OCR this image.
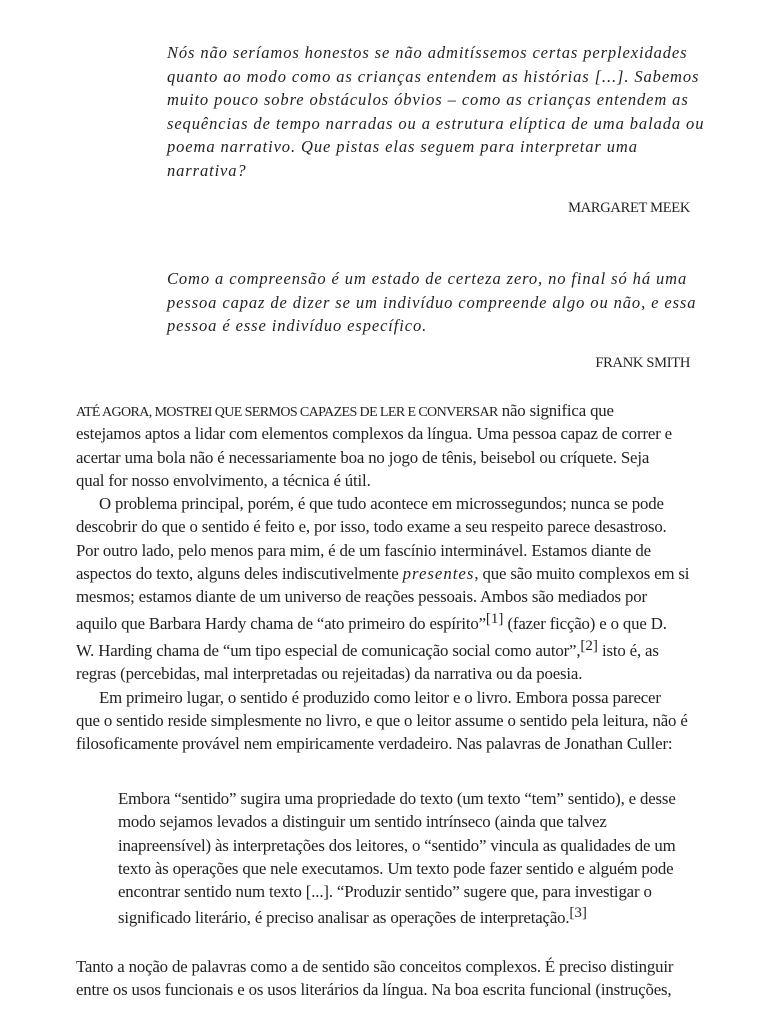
Nós não seríamos honestos se não admitíssemos certas perplexidades
quanto ao modo como as crianças entendem as histórias [...]. Sabemos
muito pouco sobre obstáculos óbvios – como as crianças entendem as
sequências de tempo narradas ou a estrutura elíptica de uma balada ou
poema narrativo. Que pistas elas seguem para interpretar uma
narrativa?
MARGARET MEEK
Como a compreensão é um estado de certeza zero, no final só há uma
pessoa capaz de dizer se um indivíduo compreende algo ou não, e essa
pessoa é esse indivíduo específico.
FRANK SMITH
ATÉ AGORA, MOSTREI QUE SERMOS CAPAZES DE LER E CONVERSAR não significa que
estejamos aptos a lidar com elementos complexos da língua. Uma pessoa capaz de correr e
acertar uma bola não é necessariamente boa no jogo de tênis, beisebol ou críquete. Seja
qual for nosso envolvimento, a técnica é útil.
O problema principal, porém, é que tudo acontece em microssegundos; nunca se pode
descobrir do que o sentido é feito e, por isso, todo exame a seu respeito parece desastroso.
Por outro lado, pelo menos para mim, é de um fascínio interminável. Estamos diante de
aspectos do texto, alguns deles indiscutivelmente presentes, que são muito complexos em si
mesmos; estamos diante de um universo de reações pessoais. Ambos são mediados por
aquilo que Barbara Hardy chama de “ato primeiro do espírito”[1] (fazer ficção) e o que D.
W. Harding chama de “um tipo especial de comunicação social como autor”,[2] isto é, as
regras (percebidas, mal interpretadas ou rejeitadas) da narrativa ou da poesia.
Em primeiro lugar, o sentido é produzido como leitor e o livro. Embora possa parecer
que o sentido reside simplesmente no livro, e que o leitor assume o sentido pela leitura, não é
filosoficamente provável nem empiricamente verdadeiro. Nas palavras de Jonathan Culler:
Embora “sentido” sugira uma propriedade do texto (um texto “tem” sentido), e desse
modo sejamos levados a distinguir um sentido intrínseco (ainda que talvez
inapreensível) às interpretações dos leitores, o “sentido” vincula as qualidades de um
texto às operações que nele executamos. Um texto pode fazer sentido e alguém pode
encontrar sentido num texto [...]. “Produzir sentido” sugere que, para investigar o
significado literário, é preciso analisar as operações de interpretação.[3]
Tanto a noção de palavras como a de sentido são conceitos complexos. É preciso distinguir
entre os usos funcionais e os usos literários da língua. Na boa escrita funcional (instruções,
